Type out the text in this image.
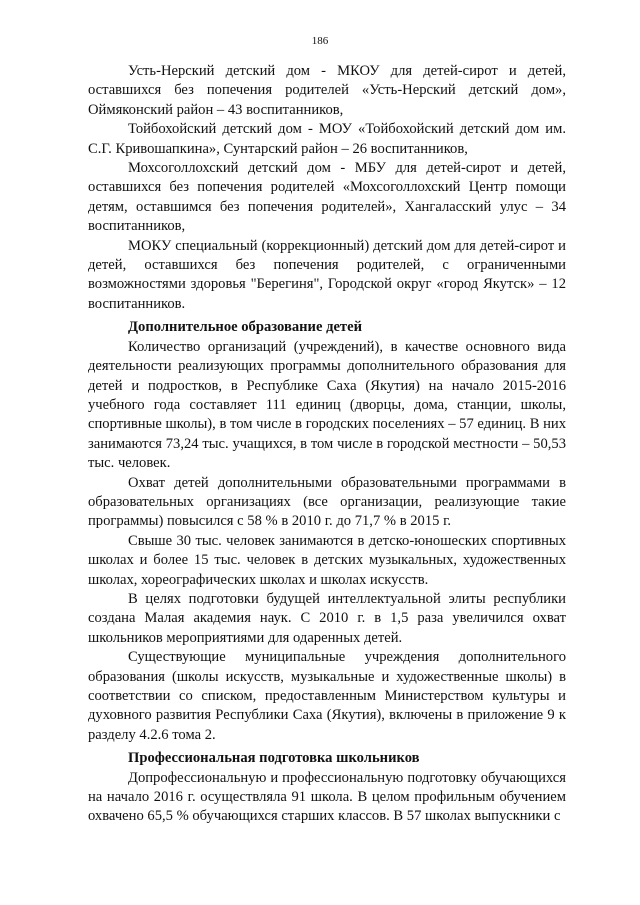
186

Усть-Нерский детский дом - МКОУ для детей-сирот и детей, оставшихся без попечения родителей «Усть-Нерский детский дом», Оймяконский район – 43 воспитанников,

Тойбохойский детский дом - МОУ «Тойбохойский детский дом им. С.Г. Кривошапкина», Сунтарский район – 26 воспитанников,

Мохсоголлохский детский дом - МБУ для детей-сирот и детей, оставшихся без попечения родителей «Мохсоголлохский Центр помощи детям, оставшимся без попечения родителей», Хангаласский улус – 34 воспитанников,

МОКУ специальный (коррекционный) детский дом для детей-сирот и детей, оставшихся без попечения родителей, с ограниченными возможностями здоровья "Берегиня", Городской округ «город Якутск» – 12 воспитанников.

Дополнительное образование детей

Количество организаций (учреждений), в качестве основного вида деятельности реализующих программы дополнительного образования для детей и подростков, в Республике Саха (Якутия) на начало 2015-2016 учебного года составляет 111 единиц (дворцы, дома, станции, школы, спортивные школы), в том числе в городских поселениях – 57 единиц. В них занимаются 73,24 тыс. учащихся, в том числе в городской местности – 50,53 тыс. человек.

Охват детей дополнительными образовательными программами в образовательных организациях (все организации, реализующие такие программы) повысился с 58 % в 2010 г. до 71,7 % в 2015 г.

Свыше 30 тыс. человек занимаются в детско-юношеских спортивных школах и более 15 тыс. человек в детских музыкальных, художественных школах, хореографических школах и школах искусств.

В целях подготовки будущей интеллектуальной элиты республики создана Малая академия наук. С 2010 г. в 1,5 раза увеличился охват школьников мероприятиями для одаренных детей.

Существующие муниципальные учреждения дополнительного образования (школы искусств, музыкальные и художественные школы) в соответствии со списком, предоставленным Министерством культуры и духовного развития Республики Саха (Якутия), включены в приложение 9 к разделу 4.2.6 тома 2.

Профессиональная подготовка школьников

Допрофессиональную и профессиональную подготовку обучающихся на начало 2016 г. осуществляла 91 школа. В целом профильным обучением охвачено 65,5 % обучающихся старших классов. В 57 школах выпускники с
